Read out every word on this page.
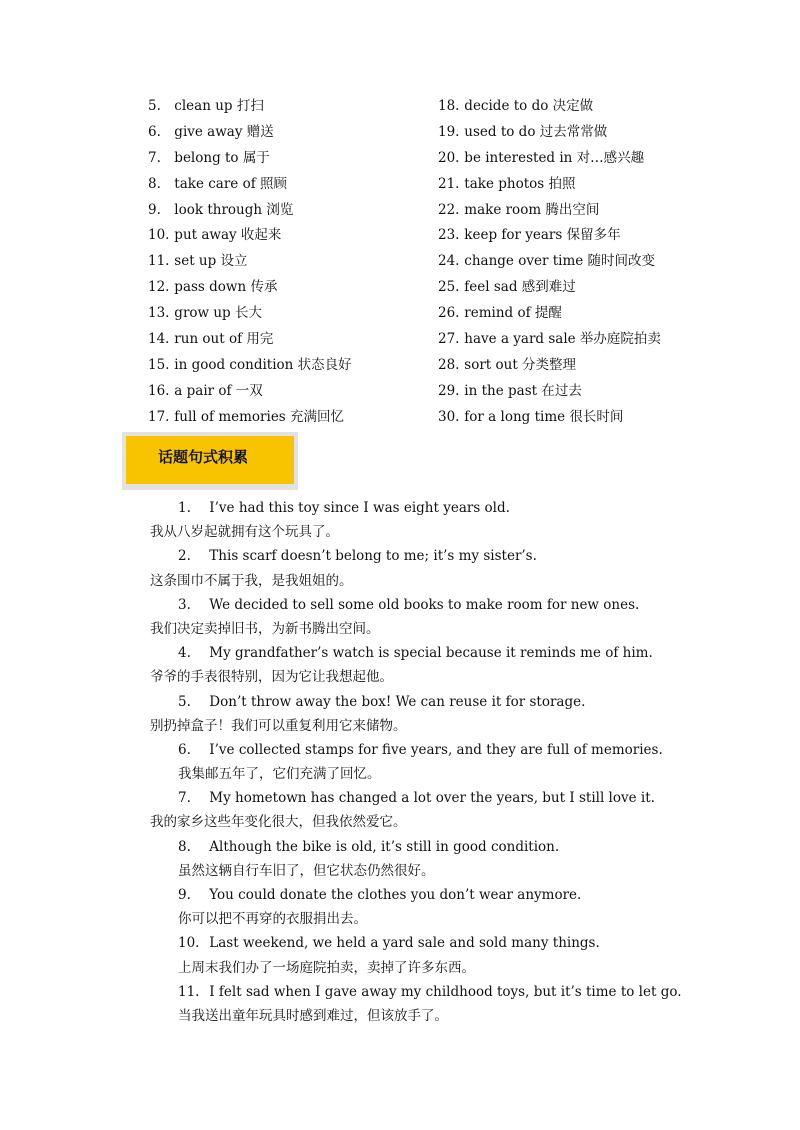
5. clean up 打扫
6. give away 赠送
7. belong to 属于
8. take care of 照顾
9. look through 浏览
10. put away 收起来
11. set up 设立
12. pass down 传承
13. grow up 长大
14. run out of 用完
15. in good condition 状态良好
16. a pair of 一双
17. full of memories 充满回忆
18. decide to do 决定做
19. used to do 过去常常做
20. be interested in 对…感兴趣
21. take photos 拍照
22. make room 腾出空间
23. keep for years 保留多年
24. change over time 随时间改变
25. feel sad 感到难过
26. remind of 提醒
27. have a yard sale 举办庭院拍卖
28. sort out 分类整理
29. in the past 在过去
30. for a long time 很长时间
话题句式积累
1. I’ve had this toy since I was eight years old.
我从八岁起就拥有这个玩具了。
2. This scarf doesn’t belong to me; it’s my sister’s.
这条围巾不属于我，是我姐姐的。
3. We decided to sell some old books to make room for new ones.
我们决定卖掉旧书，为新书腾出空间。
4. My grandfather’s watch is special because it reminds me of him.
爷爷的手表很特别，因为它让我想起他。
5. Don’t throw away the box! We can reuse it for storage.
别扔掉盒子！我们可以重复利用它来储物。
6. I’ve collected stamps for five years, and they are full of memories.
我集邮五年了，它们充满了回忆。
7. My hometown has changed a lot over the years, but I still love it.
我的家乡这些年变化很大，但我依然爱它。
8. Although the bike is old, it’s still in good condition.
虽然这辆自行车旧了，但它状态仍然很好。
9. You could donate the clothes you don’t wear anymore.
你可以把不再穿的衣服捐出去。
10. Last weekend, we held a yard sale and sold many things.
上周末我们办了一场庭院拍卖，卖掉了许多东西。
11. I felt sad when I gave away my childhood toys, but it’s time to let go.
当我送出童年玩具时感到难过，但该放手了。
